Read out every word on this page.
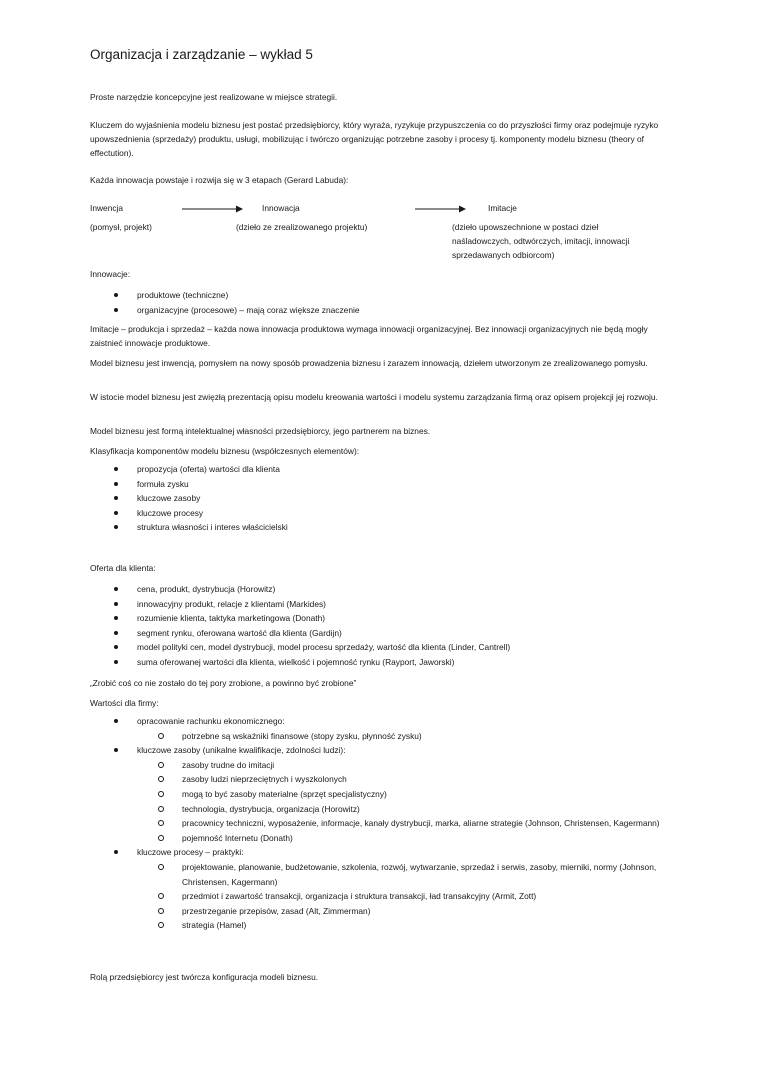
Organizacja i zarządzanie – wykład 5

Proste narzędzie koncepcyjne jest realizowane w miejsce strategii.

Kluczem do wyjaśnienia modelu biznesu jest postać przedsiębiorcy, który wyraża, ryzykuje przypuszczenia co do przyszłości firmy oraz podejmuje ryzyko upowszednienia (sprzedaży) produktu, usługi, mobilizując i twórczo organizując potrzebne zasoby i procesy tj. komponenty modelu biznesu (theory of effectution).

Każda innowacja powstaje i rozwija się w 3 etapach (Gerard Labuda):

Inwencja	Innowacja	Imitacje
(pomysł, projekt)	(dzieło ze zrealizowanego projektu)	(dzieło upowszechnione w postaci dzieł naśladowczych, odtwórczych, imitacji, innowacji sprzedawanych odbiorcom)

Innowacje:

produktowe (techniczne)
organizacyjne (procesowe) – mają coraz większe znaczenie

Imitacje – produkcja i sprzedaż – każda nowa innowacja produktowa wymaga innowacji organizacyjnej. Bez innowacji organizacyjnych nie będą mogły zaistnieć innowacje produktowe.

Model biznesu jest inwencją, pomysłem na nowy sposób prowadzenia biznesu i zarazem innowacją, dziełem utworzonym ze zrealizowanego pomysłu.

W istocie model biznesu jest zwięzłą prezentacją opisu modelu kreowania wartości i modelu systemu zarządzania firmą oraz opisem projekcji jej rozwoju.

Model biznesu jest formą intelektualnej własności przedsiębiorcy, jego partnerem na biznes.

Klasyfikacja komponentów modelu biznesu (współczesnych elementów):

propozycja (oferta) wartości dla klienta
formuła zysku
kluczowe zasoby
kluczowe procesy
struktura własności i interes właścicielski

Oferta dla klienta:

cena, produkt, dystrybucja (Horowitz)
innowacyjny produkt, relacje z klientami (Markides)
rozumienie klienta, taktyka marketingowa (Donath)
segment rynku, oferowana wartość dla klienta (Gardijn)
model polityki cen, model dystrybucji, model procesu sprzedaży, wartość dla klienta (Linder, Cantrell)
suma oferowanej wartości dla klienta, wielkość i pojemność rynku (Rayport, Jaworski)

„Zrobić coś co nie zostało do tej pory zrobione, a powinno być zrobione”

Wartości dla firmy:

opracowanie rachunku ekonomicznego:
potrzebne są wskaźniki finansowe (stopy zysku, płynność zysku)
kluczowe zasoby (unikalne kwalifikacje, zdolności ludzi):
zasoby trudne do imitacji
zasoby ludzi nieprzeciętnych i wyszkolonych
mogą to być zasoby materialne (sprzęt specjalistyczny)
technologia, dystrybucja, organizacja (Horowitz)
pracownicy techniczni, wyposażenie, informacje, kanały dystrybucji, marka, aliarne strategie (Johnson, Christensen, Kagermann)
pojemność Internetu (Donath)
kluczowe procesy – praktyki:
projektowanie, planowanie, budżetowanie, szkolenia, rozwój, wytwarzanie, sprzedaż i serwis, zasoby, mierniki, normy (Johnson, Christensen, Kagermann)
przedmiot i zawartość transakcji, organizacja i struktura transakcji, ład transakcyjny (Armit, Zott)
przestrzeganie przepisów, zasad (Alt, Zimmerman)
strategia (Hamel)

Rolą przedsiębiorcy jest twórcza konfiguracja modeli biznesu.
